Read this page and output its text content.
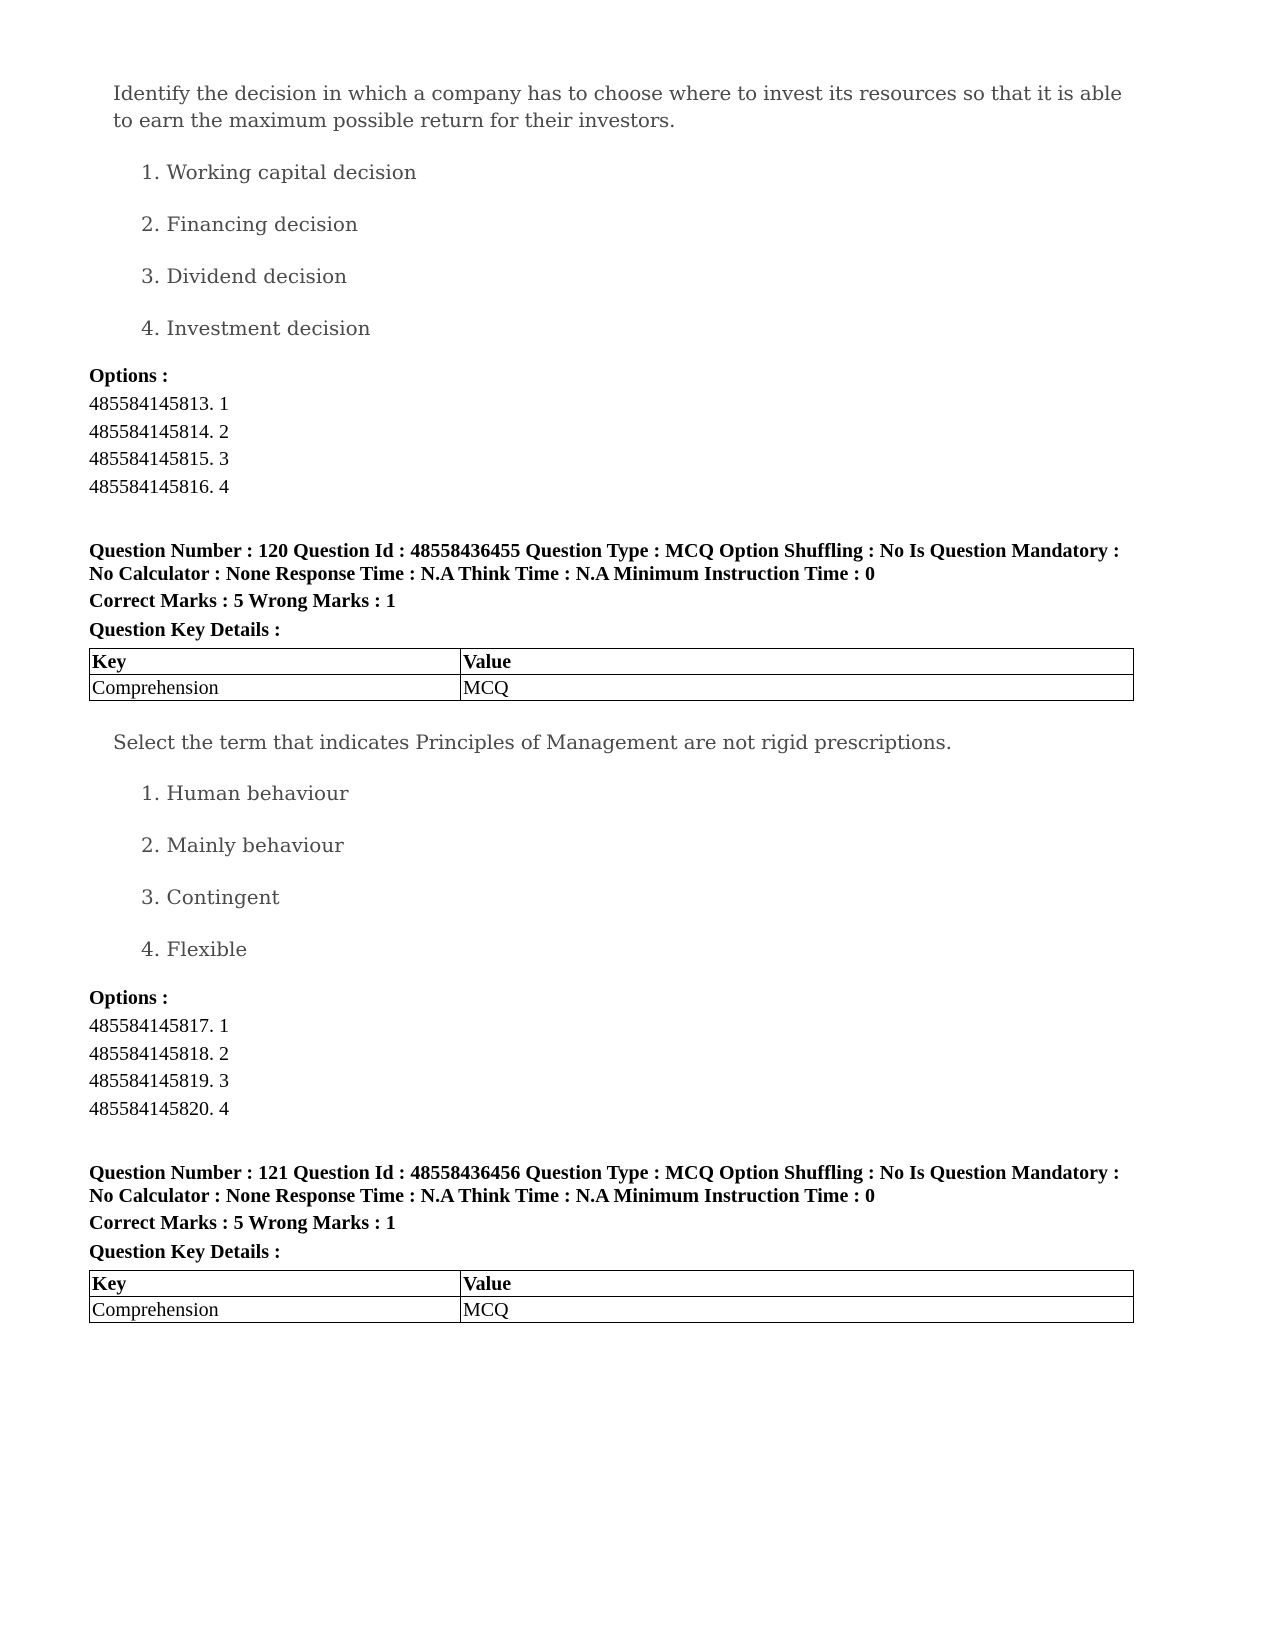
Identify the decision in which a company has to choose where to invest its resources so that it is able to earn the maximum possible return for their investors.
1. Working capital decision
2. Financing decision
3. Dividend decision
4. Investment decision
Options :
485584145813. 1
485584145814. 2
485584145815. 3
485584145816. 4
Question Number : 120 Question Id : 48558436455 Question Type : MCQ Option Shuffling : No Is Question Mandatory : No Calculator : None Response Time : N.A Think Time : N.A Minimum Instruction Time : 0
Correct Marks : 5 Wrong Marks : 1
Question Key Details :
Key	Value
Comprehension	MCQ
Select the term that indicates Principles of Management are not rigid prescriptions.
1. Human behaviour
2. Mainly behaviour
3. Contingent
4. Flexible
Options :
485584145817. 1
485584145818. 2
485584145819. 3
485584145820. 4
Question Number : 121 Question Id : 48558436456 Question Type : MCQ Option Shuffling : No Is Question Mandatory : No Calculator : None Response Time : N.A Think Time : N.A Minimum Instruction Time : 0
Correct Marks : 5 Wrong Marks : 1
Question Key Details :
Key	Value
Comprehension	MCQ
